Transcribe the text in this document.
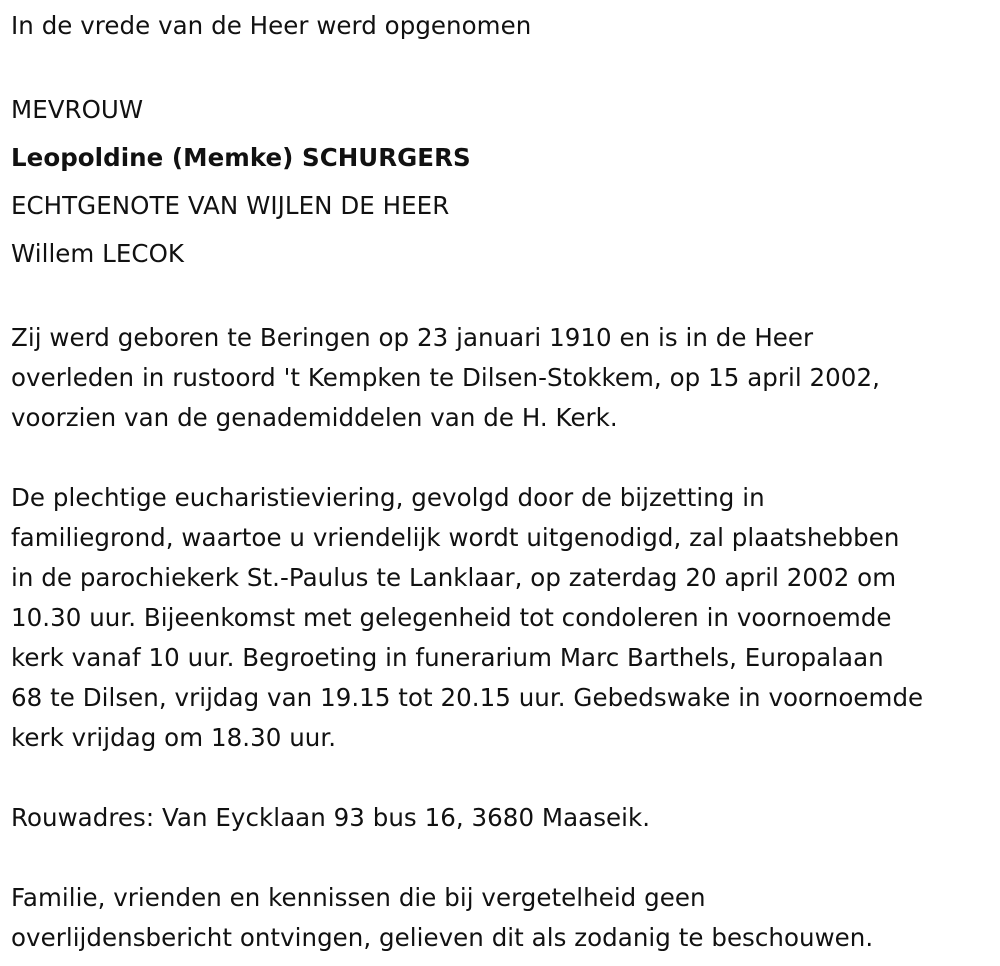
In de vrede van de Heer werd opgenomen
MEVROUW
Leopoldine (Memke) SCHURGERS
ECHTGENOTE VAN WIJLEN DE HEER
Willem LECOK
Zij werd geboren te Beringen op 23 januari 1910 en is in de Heer
overleden in rustoord 't Kempken te Dilsen-Stokkem, op 15 april 2002,
voorzien van de genademiddelen van de H. Kerk.
De plechtige eucharistieviering, gevolgd door de bijzetting in
familiegrond, waartoe u vriendelijk wordt uitgenodigd, zal plaatshebben
in de parochiekerk St.-Paulus te Lanklaar, op zaterdag 20 april 2002 om
10.30 uur. Bijeenkomst met gelegenheid tot condoleren in voornoemde
kerk vanaf 10 uur. Begroeting in funerarium Marc Barthels, Europalaan
68 te Dilsen, vrijdag van 19.15 tot 20.15 uur. Gebedswake in voornoemde
kerk vrijdag om 18.30 uur.
Rouwadres: Van Eycklaan 93 bus 16, 3680 Maaseik.
Familie, vrienden en kennissen die bij vergetelheid geen
overlijdensbericht ontvingen, gelieven dit als zodanig te beschouwen.
